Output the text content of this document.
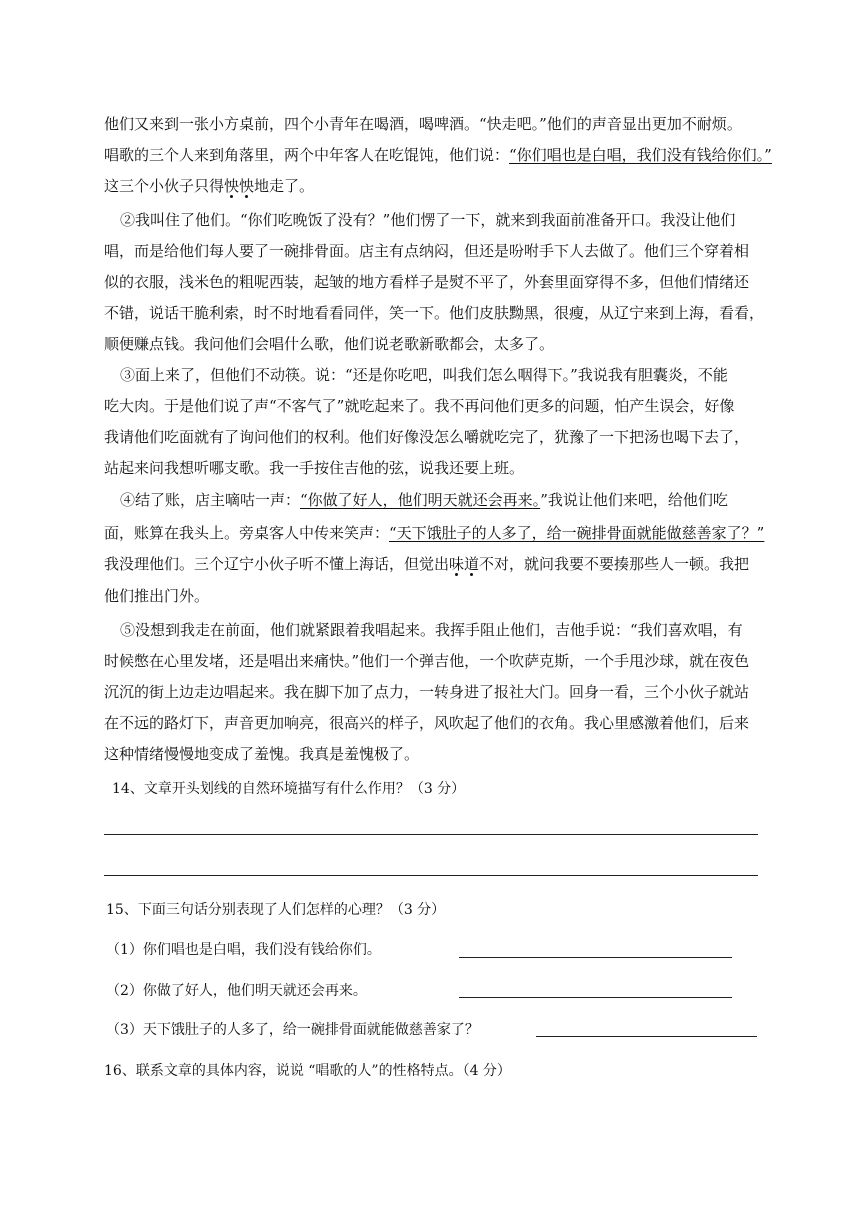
他们又来到一张小方桌前，四个小青年在喝酒，喝啤酒。“快走吧。”他们的声音显出更加不耐烦。
唱歌的三个人来到角落里，两个中年客人在吃馄饨，他们说：“你们唱也是白唱，我们没有钱给你们。”
这三个小伙子只得怏怏地走了。
②我叫住了他们。“你们吃晚饭了没有？”他们愣了一下，就来到我面前准备开口。我没让他们
唱，而是给他们每人要了一碗排骨面。店主有点纳闷，但还是吩咐手下人去做了。他们三个穿着相
似的衣服，浅米色的粗呢西装，起皱的地方看样子是熨不平了，外套里面穿得不多，但他们情绪还
不错，说话干脆利索，时不时地看看同伴，笑一下。他们皮肤黝黑，很瘦，从辽宁来到上海，看看，
顺便赚点钱。我问他们会唱什么歌，他们说老歌新歌都会，太多了。
③面上来了，但他们不动筷。说：“还是你吃吧，叫我们怎么咽得下。”我说我有胆囊炎，不能
吃大肉。于是他们说了声“不客气了”就吃起来了。我不再问他们更多的问题，怕产生误会，好像
我请他们吃面就有了询问他们的权利。他们好像没怎么嚼就吃完了，犹豫了一下把汤也喝下去了，
站起来问我想听哪支歌。我一手按住吉他的弦，说我还要上班。
④结了账，店主嘀咕一声：“你做了好人，他们明天就还会再来。”我说让他们来吧，给他们吃
面，账算在我头上。旁桌客人中传来笑声：“天下饿肚子的人多了，给一碗排骨面就能做慈善家了？”
我没理他们。三个辽宁小伙子听不懂上海话，但觉出味道不对，就问我要不要揍那些人一顿。我把
他们推出门外。
⑤没想到我走在前面，他们就紧跟着我唱起来。我挥手阻止他们，吉他手说：“我们喜欢唱，有
时候憋在心里发堵，还是唱出来痛快。”他们一个弹吉他，一个吹萨克斯，一个手甩沙球，就在夜色
沉沉的街上边走边唱起来。我在脚下加了点力，一转身进了报社大门。回身一看，三个小伙子就站
在不远的路灯下，声音更加响亮，很高兴的样子，风吹起了他们的衣角。我心里感激着他们，后来
这种情绪慢慢地变成了羞愧。我真是羞愧极了。
14、文章开头划线的自然环境描写有什么作用？（3 分）
15、下面三句话分别表现了人们怎样的心理？（3 分）
（1）你们唱也是白唱，我们没有钱给你们。
（2）你做了好人，他们明天就还会再来。
（3）天下饿肚子的人多了，给一碗排骨面就能做慈善家了？
16、联系文章的具体内容，说说 “唱歌的人”的性格特点。（4 分）
